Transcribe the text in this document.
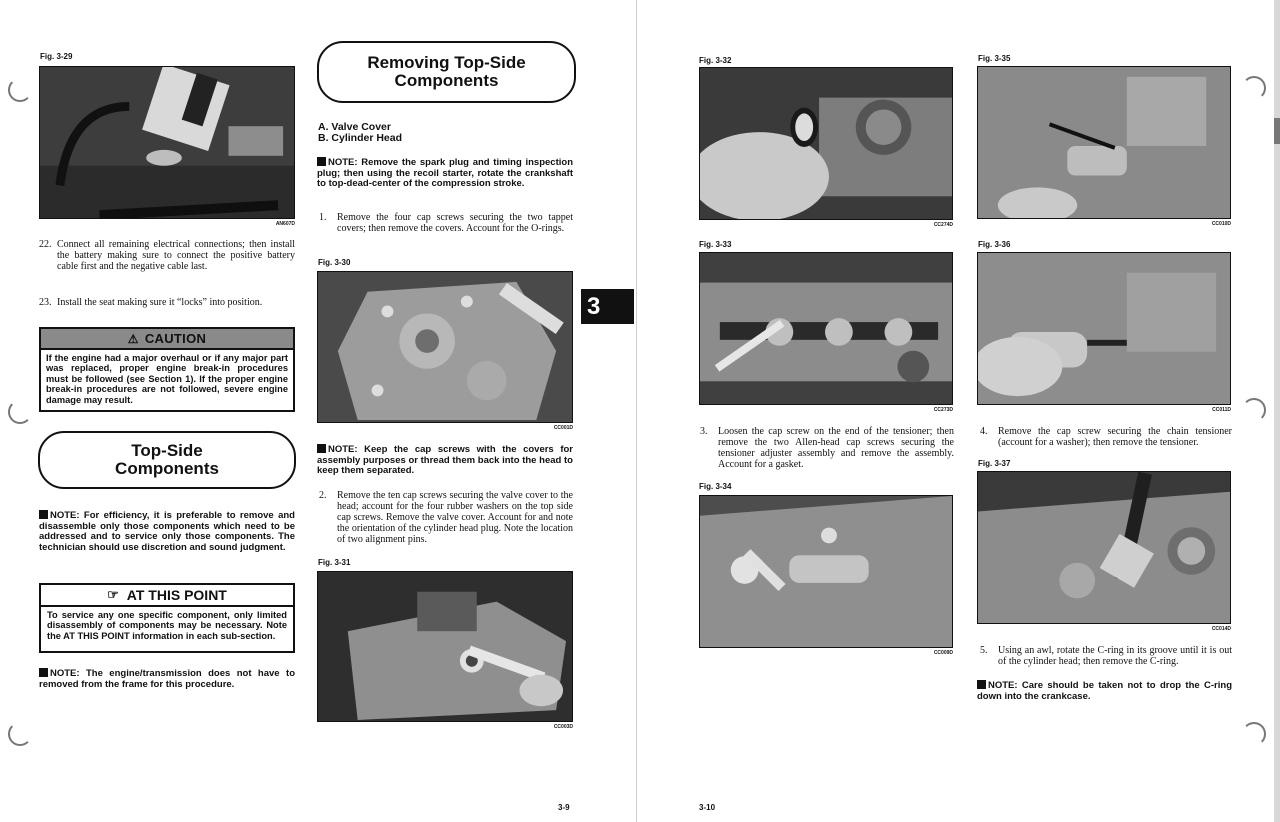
Fig. 3-29
AN607D
22. Connect all remaining electrical connections; then install the battery making sure to connect the positive battery cable first and the negative cable last.
23. Install the seat making sure it “locks” into position.
⚠ CAUTION
If the engine had a major overhaul or if any major part was replaced, proper engine break-in procedures must be followed (see Section 1). If the proper engine break-in procedures are not followed, severe engine damage may result.
Top-Side
Components
NOTE: For efficiency, it is preferable to remove and disassemble only those components which need to be addressed and to service only those components. The technician should use discretion and sound judgment.
☞ AT THIS POINT
To service any one specific component, only limited disassembly of components may be necessary. Note the AT THIS POINT information in each sub-section.
NOTE: The engine/transmission does not have to removed from the frame for this procedure.
Removing Top-Side
Components
A. Valve Cover
B. Cylinder Head
NOTE: Remove the spark plug and timing inspection plug; then using the recoil starter, rotate the crankshaft to top-dead-center of the compression stroke.
1.	Remove the four cap screws securing the two tappet covers; then remove the covers. Account for the O-rings.
Fig. 3-30
CC001D
NOTE: Keep the cap screws with the covers for assembly purposes or thread them back into the head to keep them separated.
2.	Remove the ten cap screws securing the valve cover to the head; account for the four rubber washers on the top side cap screws. Remove the valve cover. Account for and note the orientation of the cylinder head plug. Note the location of two alignment pins.
Fig. 3-31
CC003D
3-9
3
Fig. 3-32
CC274D
Fig. 3-33
CC273D
3.	Loosen the cap screw on the end of the tensioner; then remove the two Allen-head cap screws securing the tensioner adjuster assembly and remove the assembly. Account for a gasket.
Fig. 3-34
CC009D
Fig. 3-35
CC010D
Fig. 3-36
CC011D
4.	Remove the cap screw securing the chain tensioner (account for a washer); then remove the tensioner.
Fig. 3-37
CC014D
5.	Using an awl, rotate the C-ring in its groove until it is out of the cylinder head; then remove the C-ring.
NOTE: Care should be taken not to drop the C-ring down into the crankcase.
3-10
